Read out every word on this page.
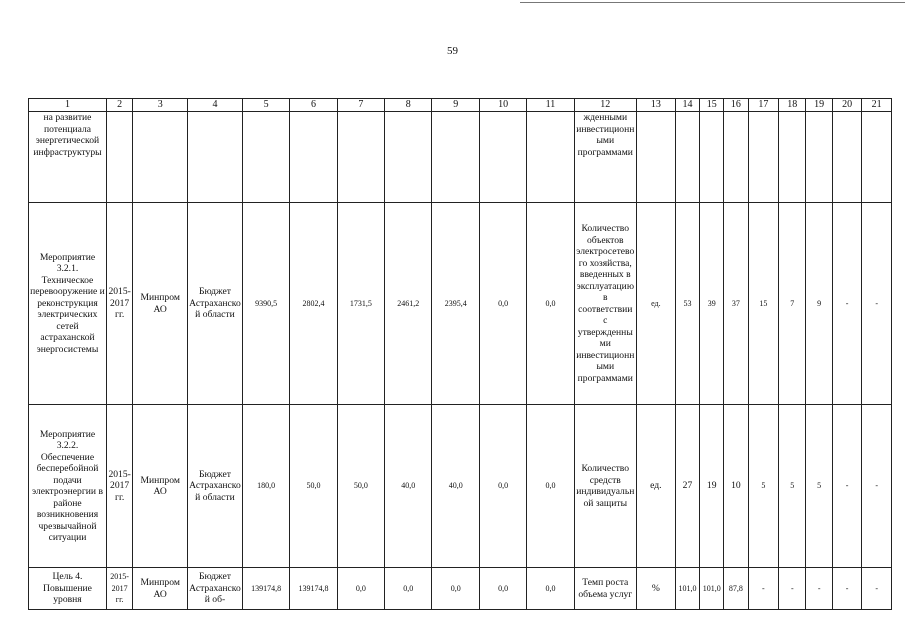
59
1	2	3	4	5	6	7	8	9	10	11	12	13	14	15	16	17	18	19	20	21
на развитие потенциала энергетической инфраструктуры											жденными инвестиционными программами									
Мероприятие 3.2.1. Техническое перевооружение и реконструкция электрических сетей астраханской энергосистемы	2015-2017 гг.	Минпром АО	Бюджет Астраханской области	9390,5	2802,4	1731,5	2461,2	2395,4	0,0	0,0	Количество объектов электросетевого хозяйства, введенных в эксплуатацию в соответствии с утвержденными инвестиционными программами	ед.	53	39	37	15	7	9	-	-
Мероприятие 3.2.2. Обеспечение бесперебойной подачи электроэнергии в районе возникновения чрезвычайной ситуации	2015-2017 гг.	Минпром АО	Бюджет Астраханской области	180,0	50,0	50,0	40,0	40,0	0,0	0,0	Количество средств индивидуальной защиты	ед.	27	19	10	5	5	5	-	-
Цель 4. Повышение уровня	2015-2017 гг.	Минпром АО	Бюджет Астраханской об-	139174,8	139174,8	0,0	0,0	0,0	0,0	0,0	Темп роста объема услуг	%	101,0	101,0	87,8	-	-	-	-	-
